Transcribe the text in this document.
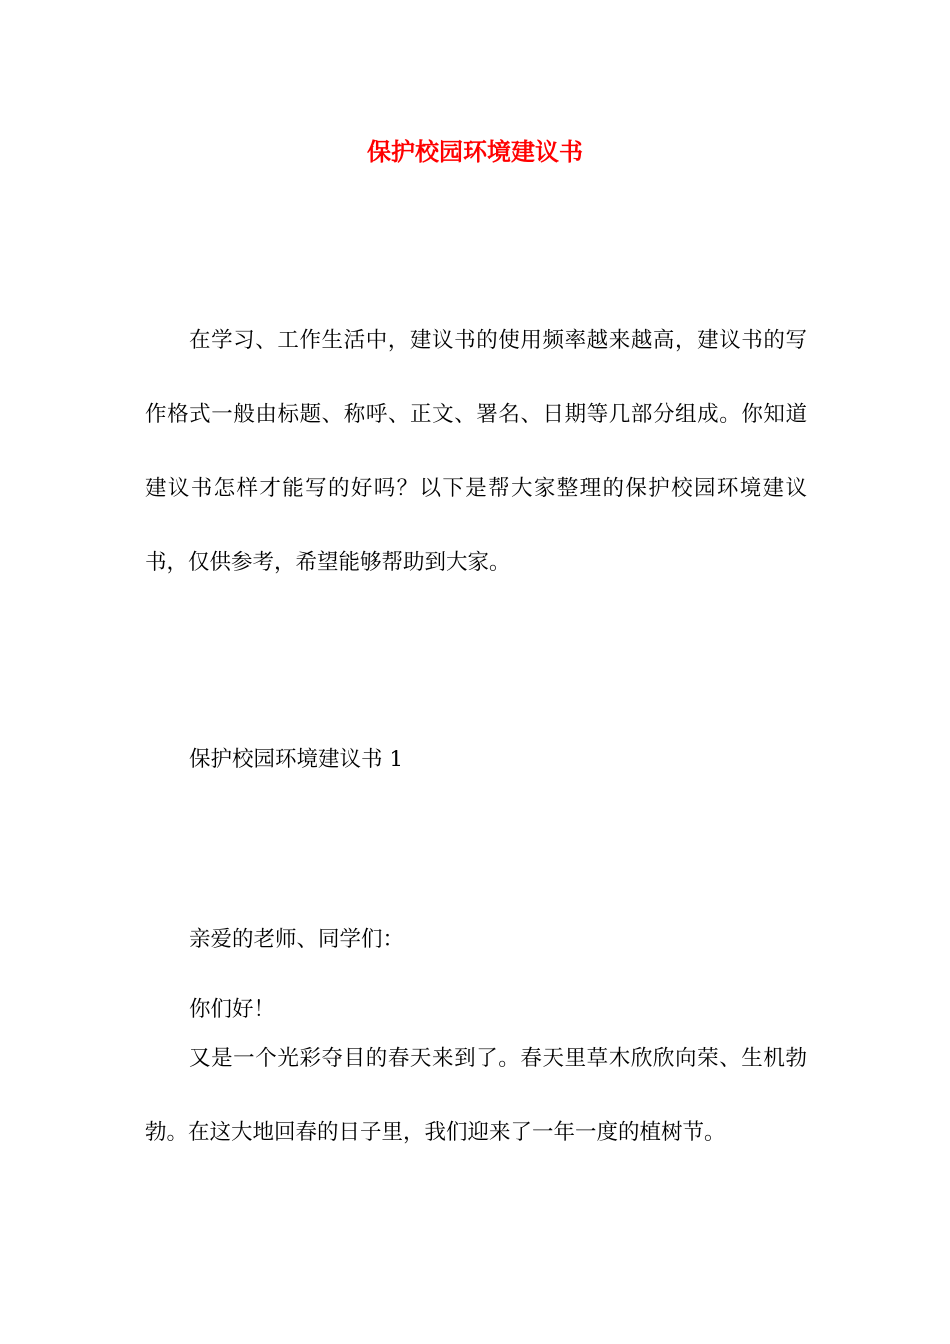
保护校园环境建议书
在学习、工作生活中，建议书的使用频率越来越高，建议书的写作格式一般由标题、称呼、正文、署名、日期等几部分组成。你知道建议书怎样才能写的好吗？以下是帮大家整理的保护校园环境建议书，仅供参考，希望能够帮助到大家。
保护校园环境建议书 1
亲爱的老师、同学们：
你们好！
又是一个光彩夺目的春天来到了。春天里草木欣欣向荣、生机勃勃。在这大地回春的日子里，我们迎来了一年一度的植树节。
